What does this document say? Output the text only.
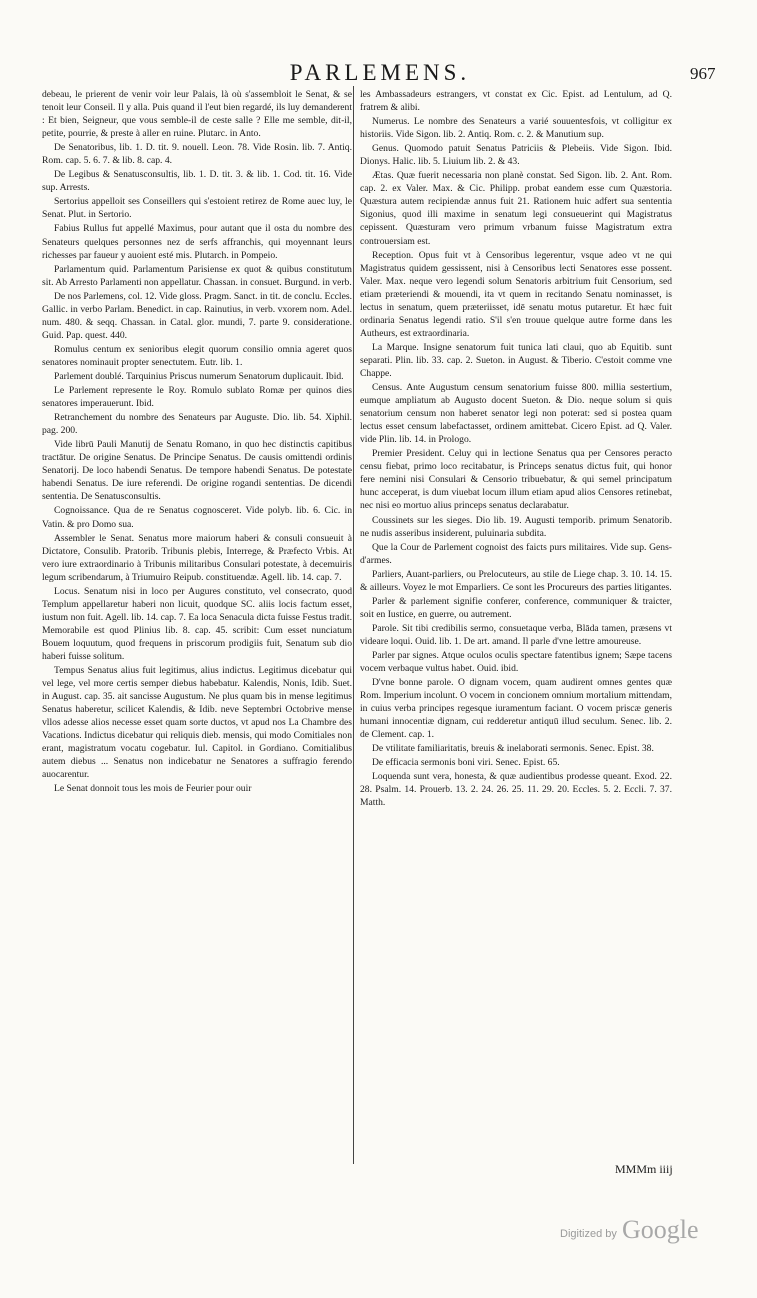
PARLEMENS.	967

debeau, le prierent de venir voir leur Palais, là où s'assembloit le Senat, & se tenoit leur Conseil. Il y alla. Puis quand il l'eut bien regardé, ils luy demanderent : Et bien, Seigneur, que vous semble-il de ceste salle ? Elle me semble, dit-il, petite, pourrie, & preste à aller en ruine. Plutarc. in Anto.

De Senatoribus, lib. 1. D. tit. 9. nouell. Leon. 78. Vide Rosin. lib. 7. Antiq. Rom. cap. 5. 6. 7. & lib. 8. cap. 4.

De Legibus & Senatusconsultis, lib. 1. D. tit. 3. & lib. 1. Cod. tit. 16. Vide sup. Arrests.

Sertorius appelloit ses Conseillers qui s'estoient retirez de Rome auec luy, le Senat. Plut. in Sertorio.

Fabius Rullus fut appellé Maximus, pour autant que il osta du nombre des Senateurs quelques personnes nez de serfs affranchis, qui moyennant leurs richesses par faueur y auoient esté mis. Plutarch. in Pompeio.

Parlamentum quid. Parlamentum Parisiense ex quot & quibus constitutum sit. Ab Arresto Parlamenti non appellatur. Chassan. in consuet. Burgund. in verb.

De nos Parlemens, col. 12. Vide gloss. Pragm. Sanct. in tit. de conclu. Eccles. Gallic. in verbo Parlam. Benedict. in cap. Rainutius, in verb. vxorem nom. Adel. num. 480. & seqq. Chassan. in Catal. glor. mundi, 7. parte 9. consideratione. Guid. Pap. quest. 440.

Romulus centum ex senioribus elegit quorum consilio omnia ageret quos senatores nominauit propter senectutem. Eutr. lib. 1.

Parlement doublé. Tarquinius Priscus numerum Senatorum duplicauit. Ibid.

Le Parlement represente le Roy. Romulo sublato Romæ per quinos dies senatores imperauerunt. Ibid.

Retranchement du nombre des Senateurs par Auguste. Dio. lib. 54. Xiphil. pag. 200.

Vide librū Pauli Manutij de Senatu Romano, in quo hec distinctis capitibus tractātur. De origine Senatus. De Principe Senatus. De causis omittendi ordinis Senatorij. De loco habendi Senatus. De tempore habendi Senatus. De potestate habendi Senatus. De iure referendi. De origine rogandi sententias. De dicendi sententia. De Senatusconsultis.

Cognoissance. Qua de re Senatus cognosceret. Vide polyb. lib. 6. Cic. in Vatin. & pro Domo sua.

Assembler le Senat. Senatus more maiorum haberi & consuli consueuit à Dictatore, Consulib. Pratorib. Tribunis plebis, Interrege, & Præfecto Vrbis. At vero iure extraordinario à Tribunis militaribus Consulari potestate, à decemuiris legum scribendarum, à Triumuiro Reipub. constituendæ. Agell. lib. 14. cap. 7.

Locus. Senatum nisi in loco per Augures constituto, vel consecrato, quod Templum appellaretur haberi non licuit, quodque SC. aliis locis factum esset, iustum non fuit. Agell. lib. 14. cap. 7. Ea loca Senacula dicta fuisse Festus tradit. Memorabile est quod Plinius lib. 8. cap. 45. scribit: Cum esset nunciatum Bouem loquutum, quod frequens in priscorum prodigiis fuit, Senatum sub dio haberi fuisse solitum.

Tempus Senatus alius fuit legitimus, alius indictus. Legitimus dicebatur qui vel lege, vel more certis semper diebus habebatur. Kalendis, Nonis, Idib. Suet. in August. cap. 35. ait sancisse Augustum. Ne plus quam bis in mense legitimus Senatus haberetur, scilicet Kalendis, & Idib. neve Septembri Octobrive mense vllos adesse alios necesse esset quam sorte ductos, vt apud nos La Chambre des Vacations. Indictus dicebatur qui reliquis dieb. mensis, qui modo Comitiales non erant, magistratum vocatu cogebatur. Iul. Capitol. in Gordiano. Comitialibus autem diebus ... Senatus non indicebatur ne Senatores a suffragio ferendo auocarentur.

Le Senat donnoit tous les mois de Feurier pour ouir

les Ambassadeurs estrangers, vt constat ex Cic. Epist. ad Lentulum, ad Q. fratrem & alibi.

Numerus. Le nombre des Senateurs a varié souuentesfois, vt colligitur ex historiis. Vide Sigon. lib. 2. Antiq. Rom. c. 2. & Manutium sup.

Genus. Quomodo patuit Senatus Patriciis & Plebeiis. Vide Sigon. Ibid. Dionys. Halic. lib. 5. Liuium lib. 2. & 43.

Ætas. Quæ fuerit necessaria non planè constat. Sed Sigon. lib. 2. Ant. Rom. cap. 2. ex Valer. Max. & Cic. Philipp. probat eandem esse cum Quæstoria. Quæstura autem recipiendæ annus fuit 21. Rationem huic adfert sua sententia Sigonius, quod illi maxime in senatum legi consueuerint qui Magistratus cepissent. Quæsturam vero primum vrbanum fuisse Magistratum extra controuersiam est.

Reception. Opus fuit vt à Censoribus legerentur, vsque adeo vt ne qui Magistratus quidem gessissent, nisi à Censoribus lecti Senatores esse possent. Valer. Max. neque vero legendi solum Senatoris arbitrium fuit Censorium, sed etiam præteriendi & mouendi, ita vt quem in recitando Senatu nominasset, is lectus in senatum, quem præteriisset, idē senatu motus putaretur. Et hæc fuit ordinaria Senatus legendi ratio. S'il s'en trouue quelque autre forme dans les Autheurs, est extraordinaria.

La Marque. Insigne senatorum fuit tunica lati claui, quo ab Equitib. sunt separati. Plin. lib. 33. cap. 2. Sueton. in August. & Tiberio. C'estoit comme vne Chappe.

Census. Ante Augustum censum senatorium fuisse 800. millia sestertium, eumque ampliatum ab Augusto docent Sueton. & Dio. neque solum si quis senatorium censum non haberet senator legi non poterat: sed si postea quam lectus esset censum labefactasset, ordinem amittebat. Cicero Epist. ad Q. Valer. vide Plin. lib. 14. in Prologo.

Premier President. Celuy qui in lectione Senatus qua per Censores peracto censu fiebat, primo loco recitabatur, is Princeps senatus dictus fuit, qui honor fere nemini nisi Consulari & Censorio tribuebatur, & qui semel principatum hunc acceperat, is dum viuebat locum illum etiam apud alios Censores retinebat, nec nisi eo mortuo alius princeps senatus declarabatur.

Coussinets sur les sieges. Dio lib. 19. Augusti temporib. primum Senatorib. ne nudis asseribus insiderent, puluinaria subdita.

Que la Cour de Parlement cognoist des faicts purs militaires. Vide sup. Gens-d'armes.

Parliers, Auant-parliers, ou Prelocuteurs, au stile de Liege chap. 3. 10. 14. 15. & ailleurs. Voyez le mot Emparliers. Ce sont les Procureurs des parties litigantes.

Parler & parlement signifie conferer, conference, communiquer & traicter, soit en Iustice, en guerre, ou autrement.

Parole. Sit tibi credibilis sermo, consuetaque verba, Blāda tamen, præsens vt videare loqui. Ouid. lib. 1. De art. amand. Il parle d'vne lettre amoureuse.

Parler par signes. Atque oculos oculis spectare fatentibus ignem; Sæpe tacens vocem verbaque vultus habet. Ouid. ibid.

D'vne bonne parole. O dignam vocem, quam audirent omnes gentes quæ Rom. Imperium incolunt. O vocem in concionem omnium mortalium mittendam, in cuius verba principes regesque iuramentum faciant. O vocem priscæ generis humani innocentiæ dignam, cui redderetur antiquū illud seculum. Senec. lib. 2. de Clement. cap. 1.

De vtilitate familiaritatis, breuis & inelaborati sermonis. Senec. Epist. 38.

De efficacia sermonis boni viri. Senec. Epist. 65.

Loquenda sunt vera, honesta, & quæ audientibus prodesse queant. Exod. 22. 28. Psalm. 14. Prouerb. 13. 2. 24. 26. 25. 11. 29. 20. Eccles. 5. 2. Eccli. 7. 37. Matth.

MMMm iiij
Digitized by Google
